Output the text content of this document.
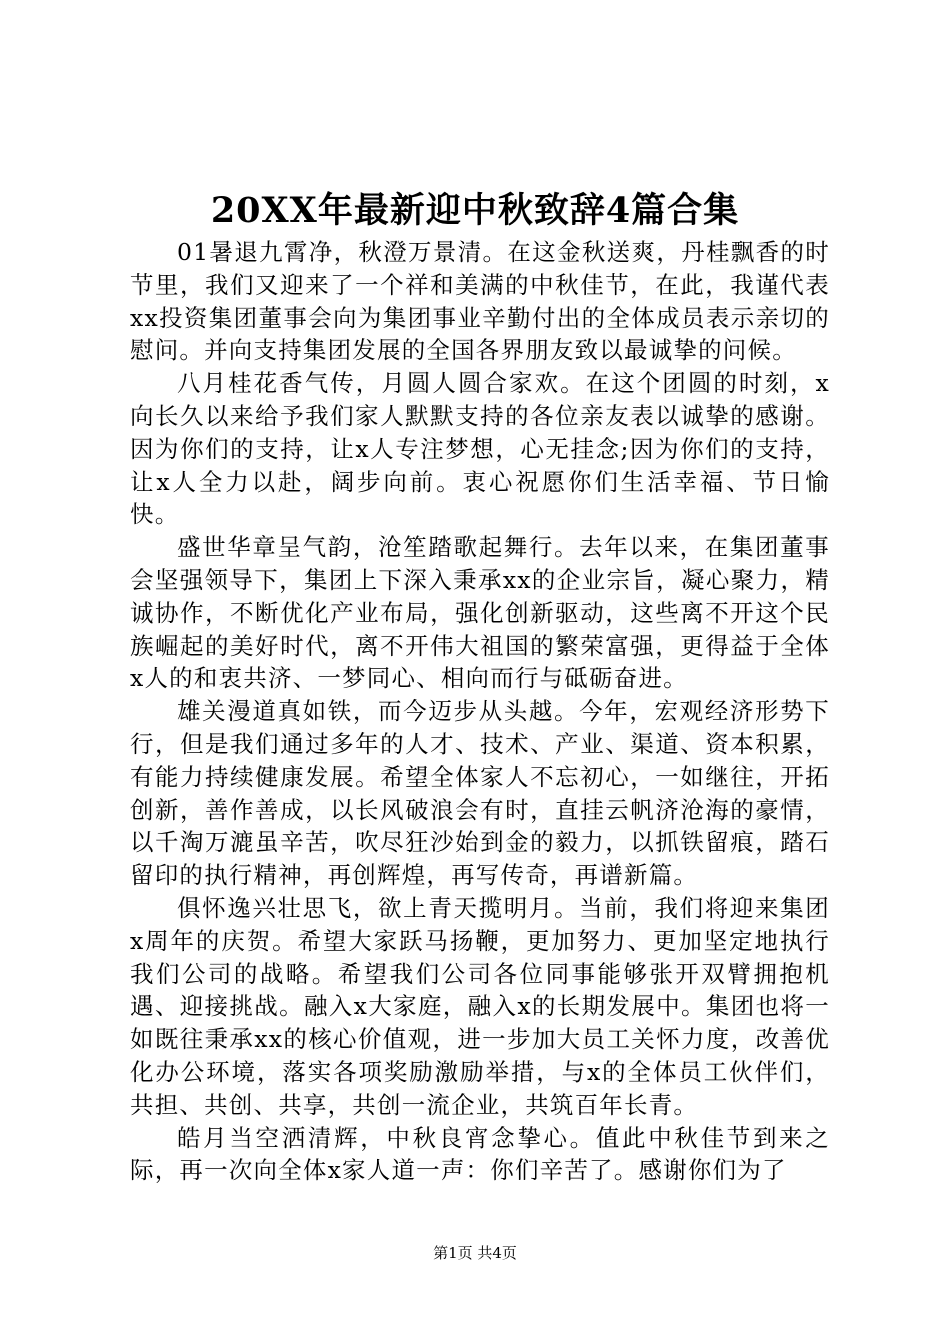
20XX年最新迎中秋致辞4篇合集

01暑退九霄净，秋澄万景清。在这金秋送爽，丹桂飘香的时节里，我们又迎来了一个祥和美满的中秋佳节，在此，我谨代表xx投资集团董事会向为集团事业辛勤付出的全体成员表示亲切的慰问。并向支持集团发展的全国各界朋友致以最诚挚的问候。

八月桂花香气传，月圆人圆合家欢。在这个团圆的时刻，x向长久以来给予我们家人默默支持的各位亲友表以诚挚的感谢。因为你们的支持，让x人专注梦想，心无挂念;因为你们的支持，让x人全力以赴，阔步向前。衷心祝愿你们生活幸福、节日愉快。

盛世华章呈气韵，沧笙踏歌起舞行。去年以来，在集团董事会坚强领导下，集团上下深入秉承xx的企业宗旨，凝心聚力，精诚协作，不断优化产业布局，强化创新驱动，这些离不开这个民族崛起的美好时代，离不开伟大祖国的繁荣富强，更得益于全体x人的和衷共济、一梦同心、相向而行与砥砺奋进。

雄关漫道真如铁，而今迈步从头越。今年，宏观经济形势下行，但是我们通过多年的人才、技术、产业、渠道、资本积累，有能力持续健康发展。希望全体家人不忘初心，一如继往，开拓创新，善作善成，以长风破浪会有时，直挂云帆济沧海的豪情，以千淘万漉虽辛苦，吹尽狂沙始到金的毅力，以抓铁留痕，踏石留印的执行精神，再创辉煌，再写传奇，再谱新篇。

俱怀逸兴壮思飞，欲上青天揽明月。当前，我们将迎来集团x周年的庆贺。希望大家跃马扬鞭，更加努力、更加坚定地执行我们公司的战略。希望我们公司各位同事能够张开双臂拥抱机遇、迎接挑战。融入x大家庭，融入x的长期发展中。集团也将一如既往秉承xx的核心价值观，进一步加大员工关怀力度，改善优化办公环境，落实各项奖励激励举措，与x的全体员工伙伴们，共担、共创、共享，共创一流企业，共筑百年长青。

皓月当空洒清辉，中秋良宵念挚心。值此中秋佳节到来之际，再一次向全体x家人道一声：你们辛苦了。感谢你们为了

第1页 共4页
